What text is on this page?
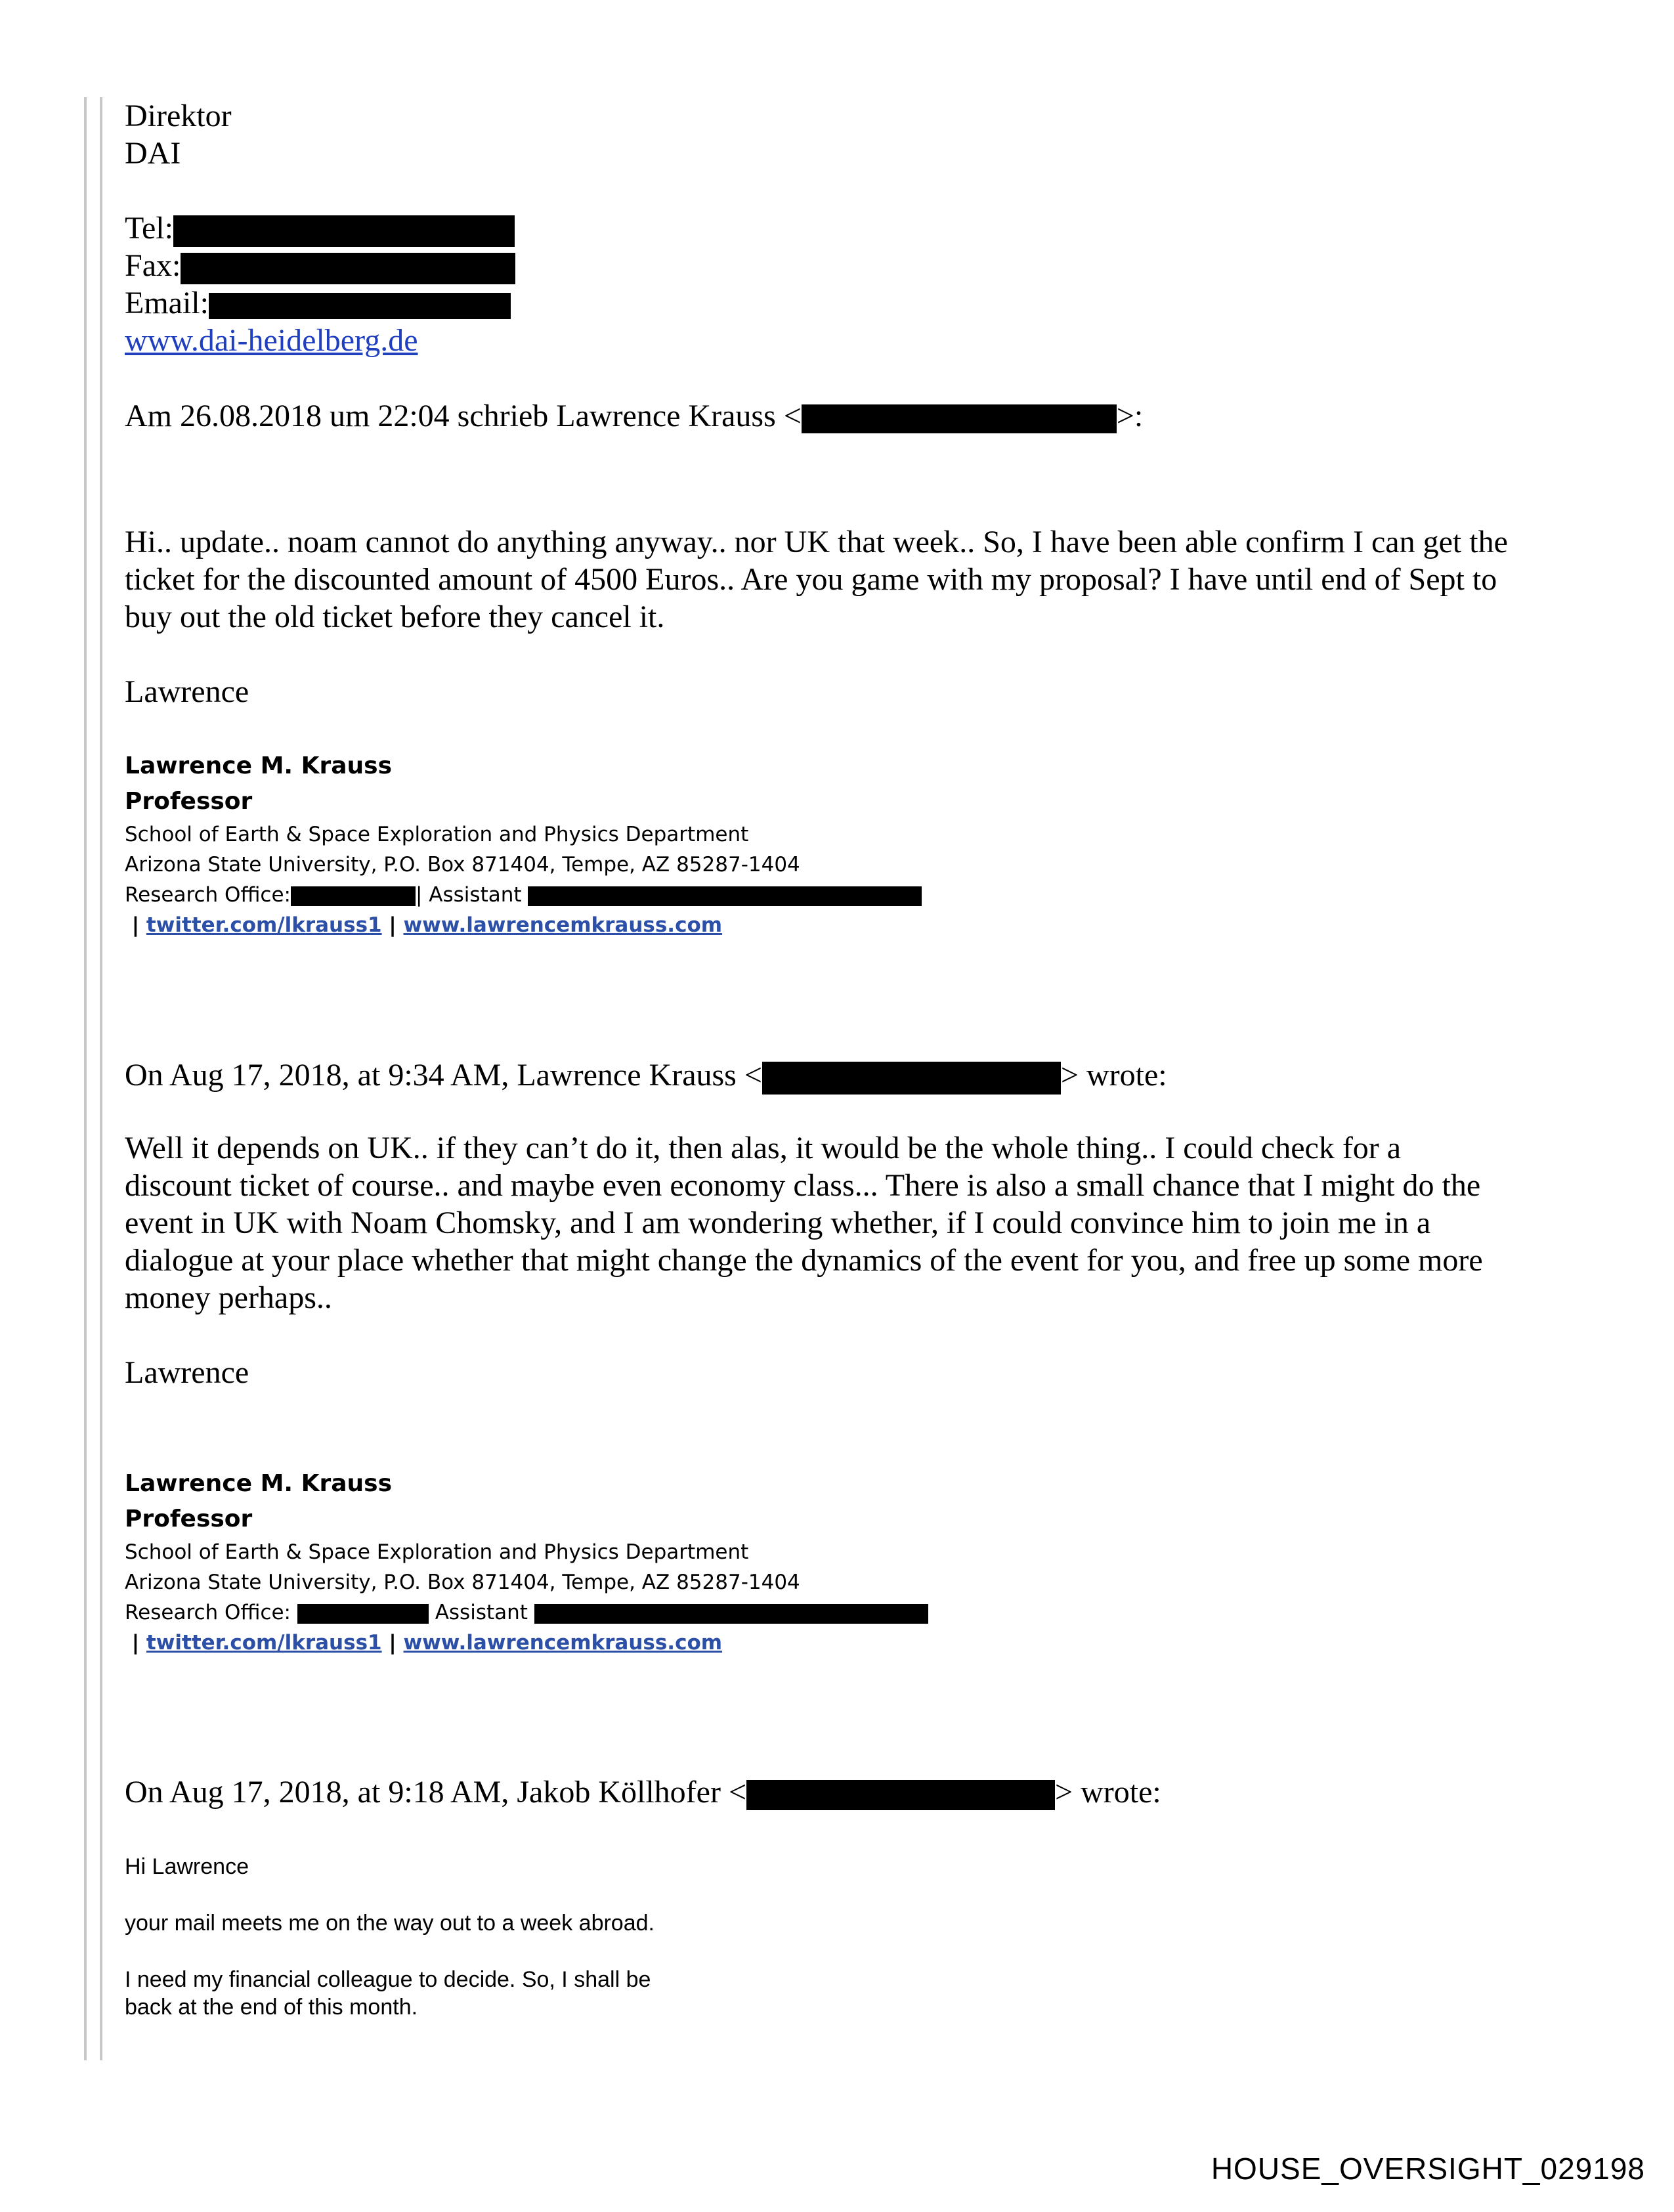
Direktor
DAI
Tel:
Fax:
Email:
www.dai-heidelberg.de
Am 26.08.2018 um 22:04 schrieb Lawrence Krauss <	>:
Hi.. update.. noam cannot do anything anyway.. nor UK that week.. So, I have been able confirm I can get the
ticket for the discounted amount of 4500 Euros.. Are you game with my proposal? I have until end of Sept to
buy out the old ticket before they cancel it.
Lawrence
Lawrence M. Krauss
Professor
School of Earth & Space Exploration and Physics Department
Arizona State University, P.O. Box 871404, Tempe, AZ 85287-1404
Research Office:	| Assistant
| twitter.com/lkrauss1 | www.lawrencemkrauss.com
On Aug 17, 2018, at 9:34 AM, Lawrence Krauss <	> wrote:
Well it depends on UK.. if they can’t do it, then alas, it would be the whole thing.. I could check for a
discount ticket of course.. and maybe even economy class... There is also a small chance that I might do the
event in UK with Noam Chomsky, and I am wondering whether, if I could convince him to join me in a
dialogue at your place whether that might change the dynamics of the event for you, and free up some more
money perhaps..
Lawrence
Lawrence M. Krauss
Professor
School of Earth & Space Exploration and Physics Department
Arizona State University, P.O. Box 871404, Tempe, AZ 85287-1404
Research Office:	Assistant
| twitter.com/lkrauss1 | www.lawrencemkrauss.com
On Aug 17, 2018, at 9:18 AM, Jakob Köllhofer <	> wrote:
Hi Lawrence
your mail meets me on the way out to a week abroad.
I need my financial colleague to decide. So, I shall be
back at the end of this month.
HOUSE_OVERSIGHT_029198
